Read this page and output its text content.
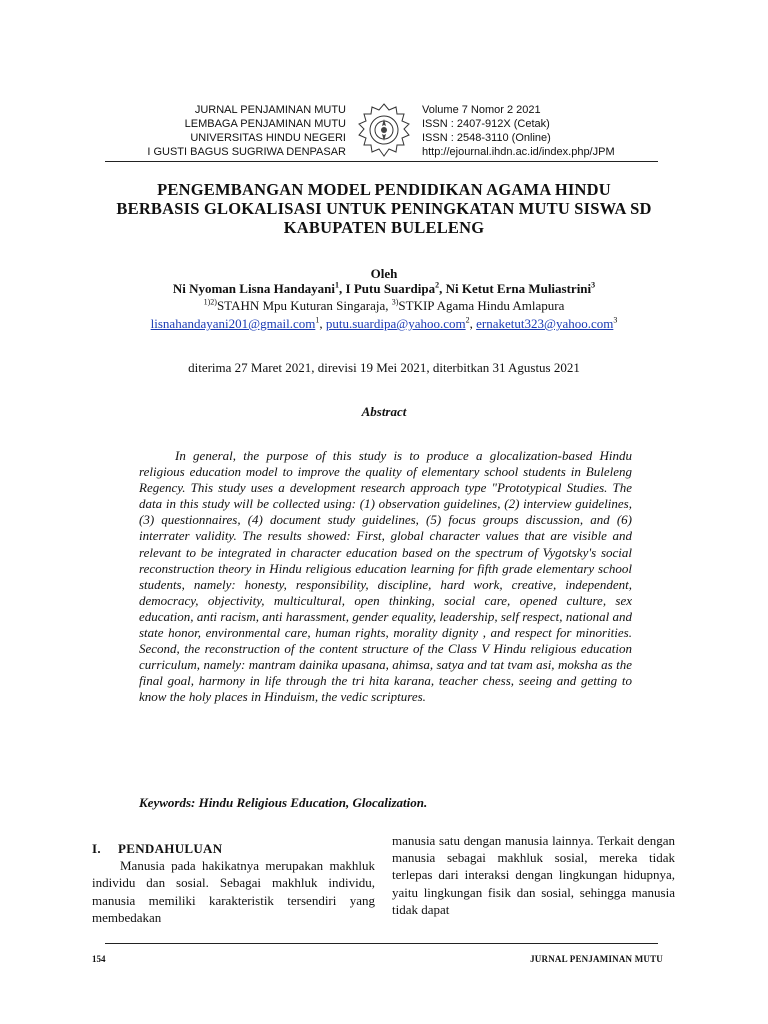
JURNAL PENJAMINAN MUTU
LEMBAGA PENJAMINAN MUTU
UNIVERSITAS HINDU NEGERI
I GUSTI BAGUS SUGRIWA DENPASAR
Volume 7 Nomor 2 2021
ISSN : 2407-912X (Cetak)
ISSN : 2548-3110 (Online)
http://ejournal.ihdn.ac.id/index.php/JPM
PENGEMBANGAN MODEL PENDIDIKAN AGAMA HINDU
BERBASIS GLOKALISASI UNTUK PENINGKATAN MUTU SISWA SD
KABUPATEN BULELENG
Oleh
Ni Nyoman Lisna Handayani$^1$, I Putu Suardipa$^2$, Ni Ketut Erna Muliastrini$^3$
$^{1)2)}$STAHN Mpu Kuturan Singaraja, $^{3)}$STKIP Agama Hindu Amlapura
lisnahandayani201@gmail.com$^1$, putu.suardipa@yahoo.com$^2$, ernaketut323@yahoo.com$^3$
diterima 27 Maret 2021, direvisi 19 Mei 2021, diterbitkan 31 Agustus 2021
Abstract

In general, the purpose of this study is to produce a glocalization-based Hindu religious education model to improve the quality of elementary school students in Buleleng Regency. This study uses a development research approach type "Prototypical Studies. The data in this study will be collected using: (1) observation guidelines, (2) interview guidelines, (3) questionnaires, (4) document study guidelines, (5) focus groups discussion, and (6) interrater validity. The results showed: First, global character values that are visible and relevant to be integrated in character education based on the spectrum of Vygotsky's social reconstruction theory in Hindu religious education learning for fifth grade elementary school students, namely: honesty, responsibility, discipline, hard work, creative, independent, democracy, objectivity, multicultural, open thinking, social care, opened culture, sex education, anti racism, anti harassment, gender equality, leadership, self respect, national and state honor, environmental care, human rights, morality dignity , and respect for minorities. Second, the reconstruction of the content structure of the Class V Hindu religious education curriculum, namely: mantram dainika upasana, ahimsa, satya and tat tvam asi, moksha as the final goal, harmony in life through the tri hita karana, teacher chess, seeing and getting to know the holy places in Hinduism, the vedic scriptures.

Keywords: Hindu Religious Education, Glocalization.
I. PENDAHULUAN

Manusia pada hakikatnya merupakan makhluk individu dan sosial. Sebagai makhluk individu, manusia memiliki karakteristik tersendiri yang membedakan

manusia satu dengan manusia lainnya. Terkait dengan manusia sebagai makhluk sosial, mereka tidak terlepas dari interaksi dengan lingkungan hidupnya, yaitu lingkungan fisik dan sosial, sehingga manusia tidak dapat

154	JURNAL PENJAMINAN MUTU
